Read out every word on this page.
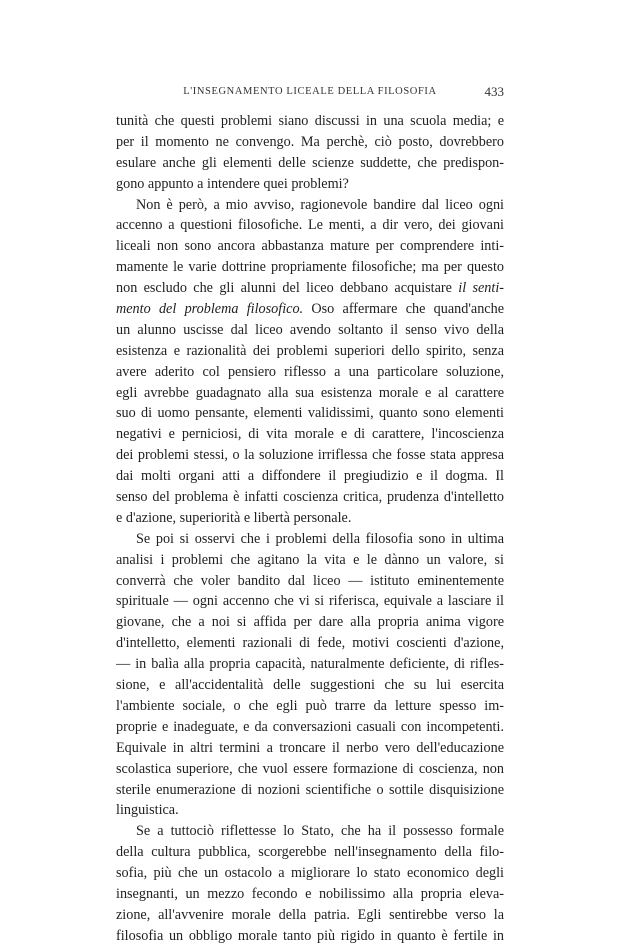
L'INSEGNAMENTO LICEALE DELLA FILOSOFIA	433
tunità che questi problemi siano discussi in una scuola media; e
per il momento ne convengo. Ma perchè, ciò posto, dovrebbero
esulare anche gli elementi delle scienze suddette, che predispon-
gono appunto a intendere quei problemi?
Non è però, a mio avviso, ragionevole bandire dal liceo ogni
accenno a questioni filosofiche. Le menti, a dir vero, dei giovani
liceali non sono ancora abbastanza mature per comprendere inti-
mamente le varie dottrine propriamente filosofiche; ma per questo
non escludo che gli alunni del liceo debbano acquistare il senti-
mento del problema filosofico. Oso affermare che quand'anche
un alunno uscisse dal liceo avendo soltanto il senso vivo della
esistenza e razionalità dei problemi superiori dello spirito, senza
avere aderito col pensiero riflesso a una particolare soluzione,
egli avrebbe guadagnato alla sua esistenza morale e al carattere
suo di uomo pensante, elementi validissimi, quanto sono elementi
negativi e perniciosi, di vita morale e di carattere, l'incoscienza
dei problemi stessi, o la soluzione irriflessa che fosse stata appresa
dai molti organi atti a diffondere il pregiudizio e il dogma. Il
senso del problema è infatti coscienza critica, prudenza d'intelletto
e d'azione, superiorità e libertà personale.
Se poi si osservi che i problemi della filosofia sono in ultima
analisi i problemi che agitano la vita e le dànno un valore, si
converrà che voler bandito dal liceo — istituto eminentemente
spirituale — ogni accenno che vi si riferisca, equivale a lasciare il
giovane, che a noi si affida per dare alla propria anima vigore
d'intelletto, elementi razionali di fede, motivi coscienti d'azione,
— in balìa alla propria capacità, naturalmente deficiente, di rifles-
sione, e all'accidentalità delle suggestioni che su lui esercita
l'ambiente sociale, o che egli può trarre da letture spesso im-
proprie e inadeguate, e da conversazioni casuali con incompetenti.
Equivale in altri termini a troncare il nerbo vero dell'educazione
scolastica superiore, che vuol essere formazione di coscienza, non
sterile enumerazione di nozioni scientifiche o sottile disquisizione
linguistica.
Se a tuttociò riflettesse lo Stato, che ha il possesso formale
della cultura pubblica, scorgerebbe nell'insegnamento della filo-
sofia, più che un ostacolo a migliorare lo stato economico degli
insegnanti, un mezzo fecondo e nobilissimo alla propria eleva-
zione, all'avvenire morale della patria. Egli sentirebbe verso la
filosofia un obbligo morale tanto più rigido in quanto è fertile in
